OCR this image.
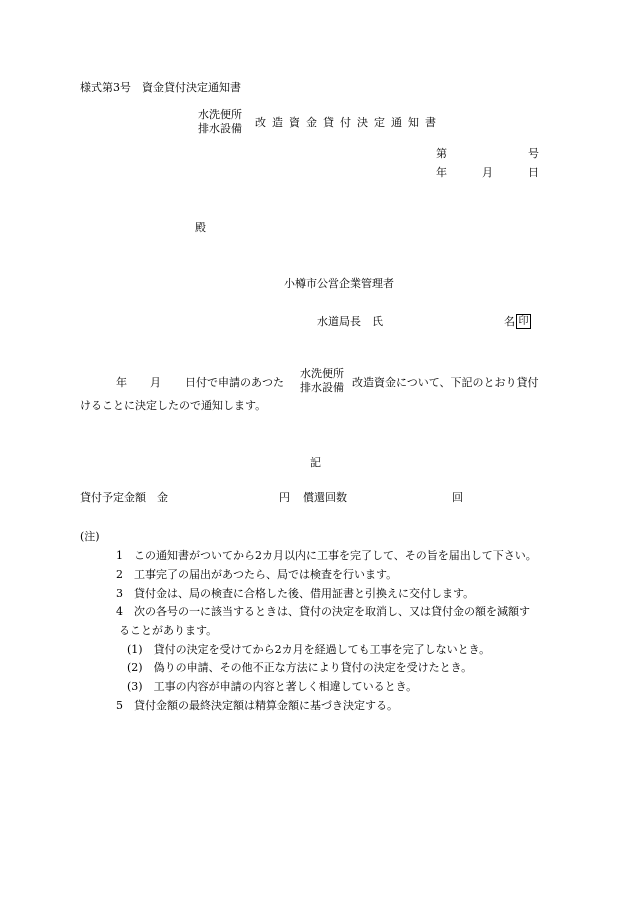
様式第3号　資金貸付決定通知書
水洗便所
排水設備 改造資金貸付決定通知書
第	号
年	月	日
殿
小樽市公営企業管理者
水道局長　氏	名 印
年 月 日付で申請のあつた
水洗便所
排水設備 改造資金について、下記のとおり貸付
けることに決定したので通知します。
記
貸付予定金額　金	円 償還回数	回
(注)
1　この通知書がついてから2カ月以内に工事を完了して、その旨を届出して下さい。
2　工事完了の届出があつたら、局では検査を行います。
3　貸付金は、局の検査に合格した後、借用証書と引換えに交付します。
4　次の各号の一に該当するときは、貸付の決定を取消し、又は貸付金の額を減額す
ることがあります。
(1)　貸付の決定を受けてから2カ月を経過しても工事を完了しないとき。
(2)　偽りの申請、その他不正な方法により貸付の決定を受けたとき。
(3)　工事の内容が申請の内容と著しく相違しているとき。
5　貸付金額の最終決定額は精算金額に基づき決定する。
